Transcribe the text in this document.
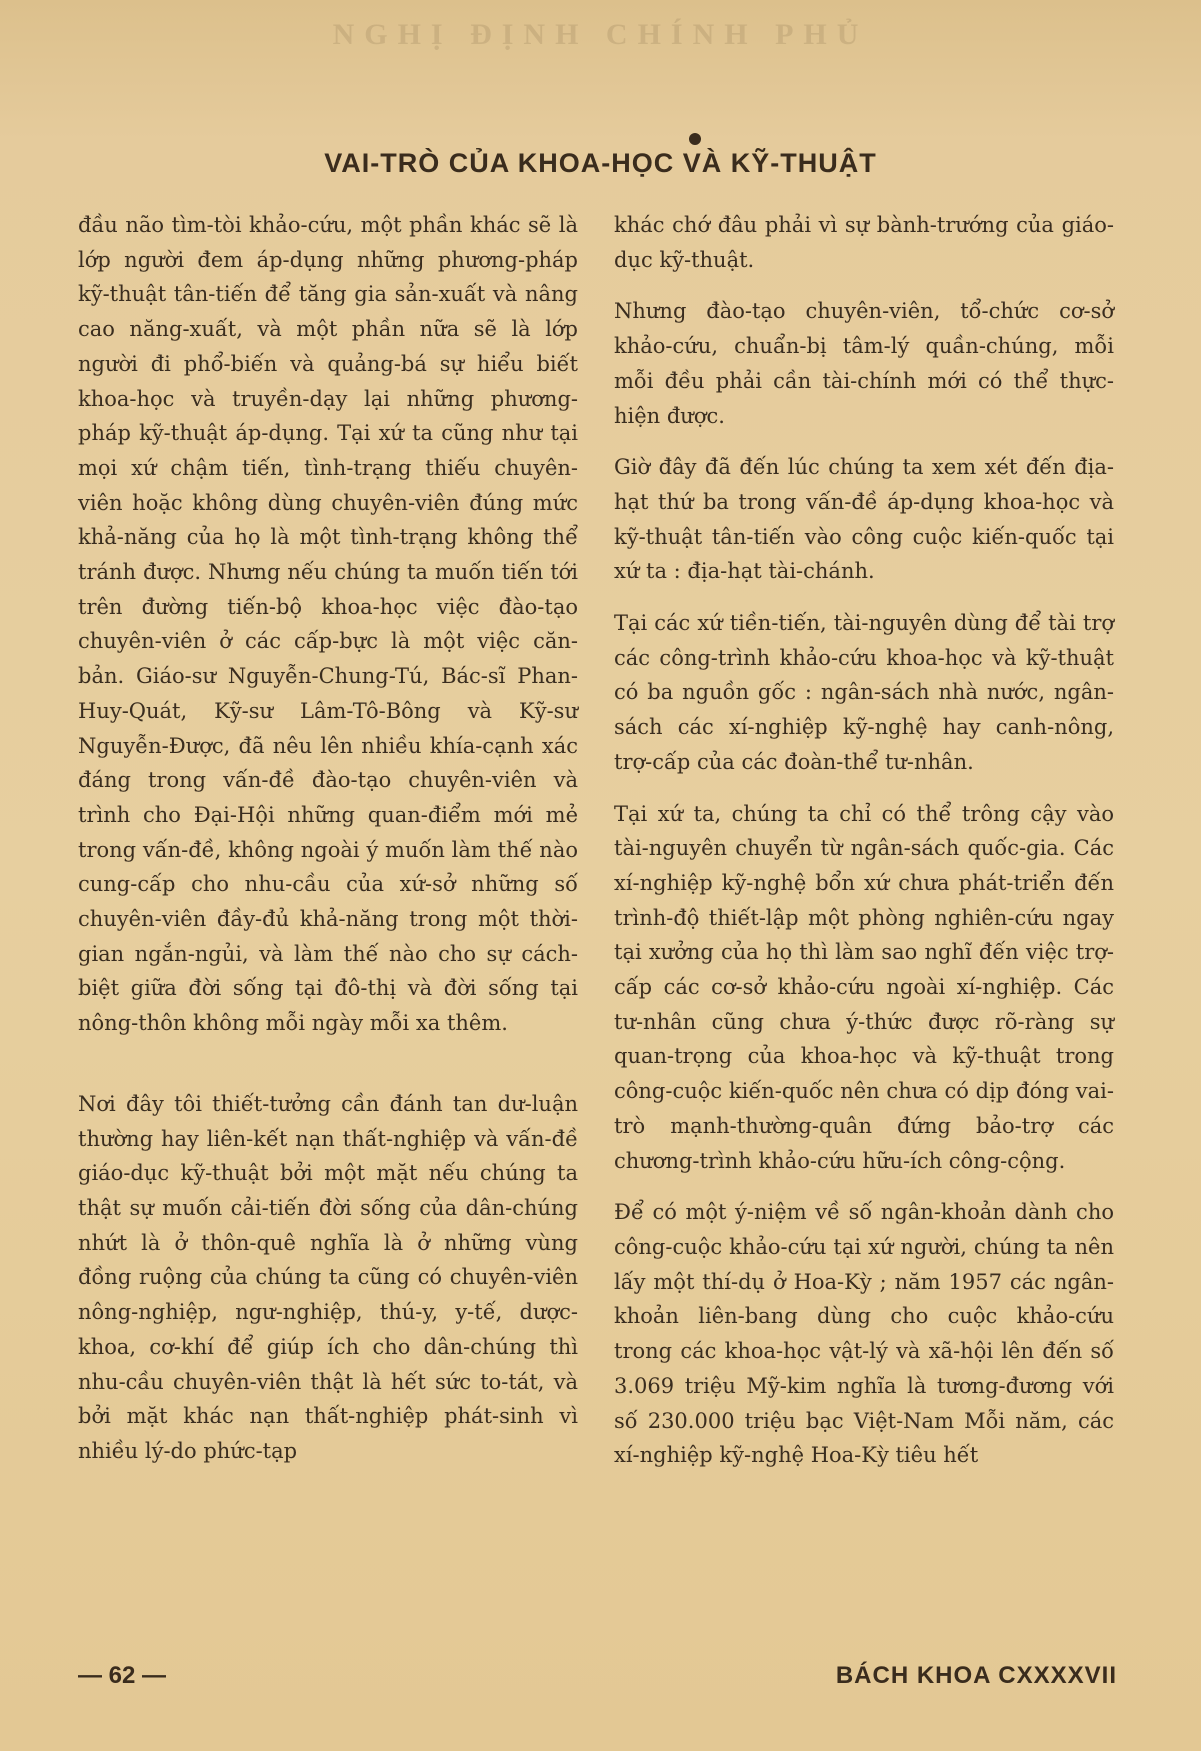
NGHỊ ĐỊNH CHÍNH PHỦ
VAI-TRÒ CỦA KHOA-HỌC VÀ KỸ-THUẬT

đầu não tìm-tòi khảo-cứu, một phần khác sẽ là lớp người đem áp-dụng những phương-pháp kỹ-thuật tân-tiến để tăng gia sản-xuất và nâng cao năng-xuất, và một phần nữa sẽ là lớp người đi phổ-biến và quảng-bá sự hiểu biết khoa-học và truyền-dạy lại những phương-pháp kỹ-thuật áp-dụng. Tại xứ ta cũng như tại mọi xứ chậm tiến, tình-trạng thiếu chuyên-viên hoặc không dùng chuyên-viên đúng mức khả-năng của họ là một tình-trạng không thể tránh được. Nhưng nếu chúng ta muốn tiến tới trên đường tiến-bộ khoa-học việc đào-tạo chuyên-viên ở các cấp-bực là một việc căn-bản. Giáo-sư Nguyễn-Chung-Tú, Bác-sĩ Phan-Huy-Quát, Kỹ-sư Lâm-Tô-Bông và Kỹ-sư Nguyễn-Được, đã nêu lên nhiều khía-cạnh xác đáng trong vấn-đề đào-tạo chuyên-viên và trình cho Đại-Hội những quan-điểm mới mẻ trong vấn-đề, không ngoài ý muốn làm thế nào cung-cấp cho nhu-cầu của xứ-sở những số chuyên-viên đầy-đủ khả-năng trong một thời-gian ngắn-ngủi, và làm thế nào cho sự cách-biệt giữa đời sống tại đô-thị và đời sống tại nông-thôn không mỗi ngày mỗi xa thêm.

Nơi đây tôi thiết-tưởng cần đánh tan dư-luận thường hay liên-kết nạn thất-nghiệp và vấn-đề giáo-dục kỹ-thuật bởi một mặt nếu chúng ta thật sự muốn cải-tiến đời sống của dân-chúng nhứt là ở thôn-quê nghĩa là ở những vùng đồng ruộng của chúng ta cũng có chuyên-viên nông-nghiệp, ngư-nghiệp, thú-y, y-tế, dược-khoa, cơ-khí để giúp ích cho dân-chúng thì nhu-cầu chuyên-viên thật là hết sức to-tát, và bởi mặt khác nạn thất-nghiệp phát-sinh vì nhiều lý-do phức-tạp

khác chớ đâu phải vì sự bành-trướng của giáo-dục kỹ-thuật.

Nhưng đào-tạo chuyên-viên, tổ-chức cơ-sở khảo-cứu, chuẩn-bị tâm-lý quần-chúng, mỗi mỗi đều phải cần tài-chính mới có thể thực-hiện được.

Giờ đây đã đến lúc chúng ta xem xét đến địa-hạt thứ ba trong vấn-đề áp-dụng khoa-học và kỹ-thuật tân-tiến vào công cuộc kiến-quốc tại xứ ta : địa-hạt tài-chánh.

Tại các xứ tiền-tiến, tài-nguyên dùng để tài trợ các công-trình khảo-cứu khoa-học và kỹ-thuật có ba nguồn gốc : ngân-sách nhà nước, ngân-sách các xí-nghiệp kỹ-nghệ hay canh-nông, trợ-cấp của các đoàn-thể tư-nhân.

Tại xứ ta, chúng ta chỉ có thể trông cậy vào tài-nguyên chuyển từ ngân-sách quốc-gia. Các xí-nghiệp kỹ-nghệ bổn xứ chưa phát-triển đến trình-độ thiết-lập một phòng nghiên-cứu ngay tại xưởng của họ thì làm sao nghĩ đến việc trợ-cấp các cơ-sở khảo-cứu ngoài xí-nghiệp. Các tư-nhân cũng chưa ý-thức được rõ-ràng sự quan-trọng của khoa-học và kỹ-thuật trong công-cuộc kiến-quốc nên chưa có dịp đóng vai-trò mạnh-thường-quân đứng bảo-trợ các chương-trình khảo-cứu hữu-ích công-cộng.

Để có một ý-niệm về số ngân-khoản dành cho công-cuộc khảo-cứu tại xứ người, chúng ta nên lấy một thí-dụ ở Hoa-Kỳ ; năm 1957 các ngân-khoản liên-bang dùng cho cuộc khảo-cứu trong các khoa-học vật-lý và xã-hội lên đến số 3.069 triệu Mỹ-kim nghĩa là tương-đương với số 230.000 triệu bạc Việt-Nam Mỗi năm, các xí-nghiệp kỹ-nghệ Hoa-Kỳ tiêu hết

— 62 —	BÁCH KHOA CXXXXVII
